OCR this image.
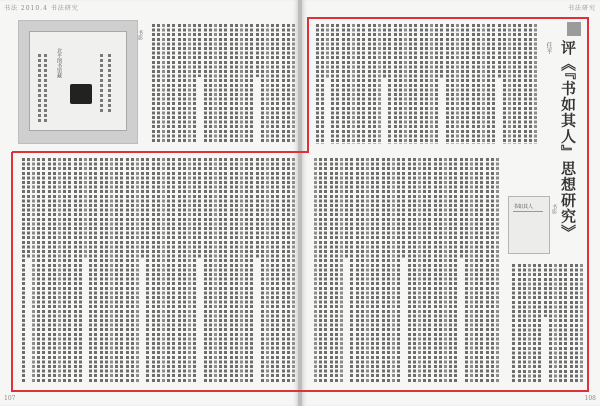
书法 2010.4 书法研究
107
书法研究
108
北平图书馆藏
书影
评《『书如其人』思想研究》
任平
书如其人	书影
